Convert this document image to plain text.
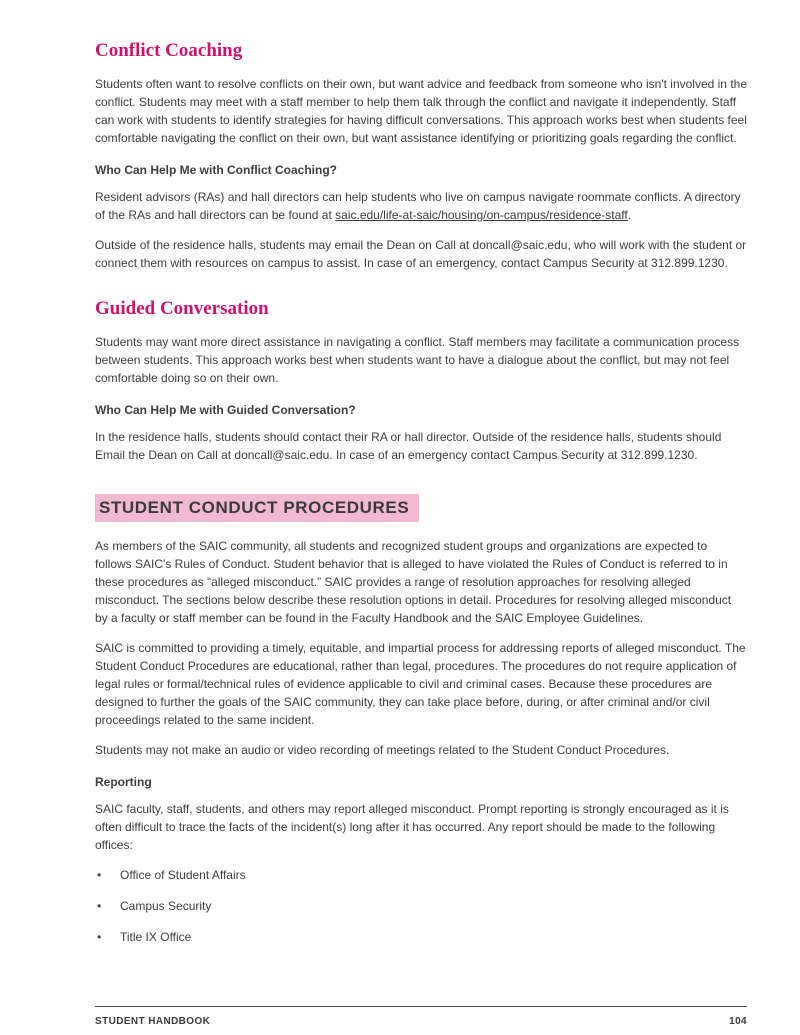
Conflict Coaching

Students often want to resolve conflicts on their own, but want advice and feedback from someone who isn't involved in the conflict. Students may meet with a staff member to help them talk through the conflict and navigate it independently. Staff can work with students to identify strategies for having difficult conversations. This approach works best when students feel comfortable navigating the conflict on their own, but want assistance identifying or prioritizing goals regarding the conflict.

Who Can Help Me with Conflict Coaching?

Resident advisors (RAs) and hall directors can help students who live on campus navigate roommate conflicts. A directory of the RAs and hall directors can be found at saic.edu/life-at-saic/housing/on-campus/residence-staff.

Outside of the residence halls, students may email the Dean on Call at doncall@saic.edu, who will work with the student or connect them with resources on campus to assist. In case of an emergency, contact Campus Security at 312.899.1230.

Guided Conversation

Students may want more direct assistance in navigating a conflict. Staff members may facilitate a communication process between students. This approach works best when students want to have a dialogue about the conflict, but may not feel comfortable doing so on their own.

Who Can Help Me with Guided Conversation?

In the residence halls, students should contact their RA or hall director. Outside of the residence halls, students should Email the Dean on Call at doncall@saic.edu. In case of an emergency contact Campus Security at 312.899.1230.

STUDENT CONDUCT PROCEDURES

As members of the SAIC community, all students and recognized student groups and organizations are expected to follows SAIC's Rules of Conduct. Student behavior that is alleged to have violated the Rules of Conduct is referred to in these procedures as “alleged misconduct.” SAIC provides a range of resolution approaches for resolving alleged misconduct. The sections below describe these resolution options in detail. Procedures for resolving alleged misconduct by a faculty or staff member can be found in the Faculty Handbook and the SAIC Employee Guidelines.

SAIC is committed to providing a timely, equitable, and impartial process for addressing reports of alleged misconduct. The Student Conduct Procedures are educational, rather than legal, procedures. The procedures do not require application of legal rules or formal/technical rules of evidence applicable to civil and criminal cases. Because these procedures are designed to further the goals of the SAIC community, they can take place before, during, or after criminal and/or civil proceedings related to the same incident.

Students may not make an audio or video recording of meetings related to the Student Conduct Procedures.

Reporting

SAIC faculty, staff, students, and others may report alleged misconduct. Prompt reporting is strongly encouraged as it is often difficult to trace the facts of the incident(s) long after it has occurred. Any report should be made to the following offices:

• Office of Student Affairs
• Campus Security
• Title IX Office
STUDENT HANDBOOK	104
